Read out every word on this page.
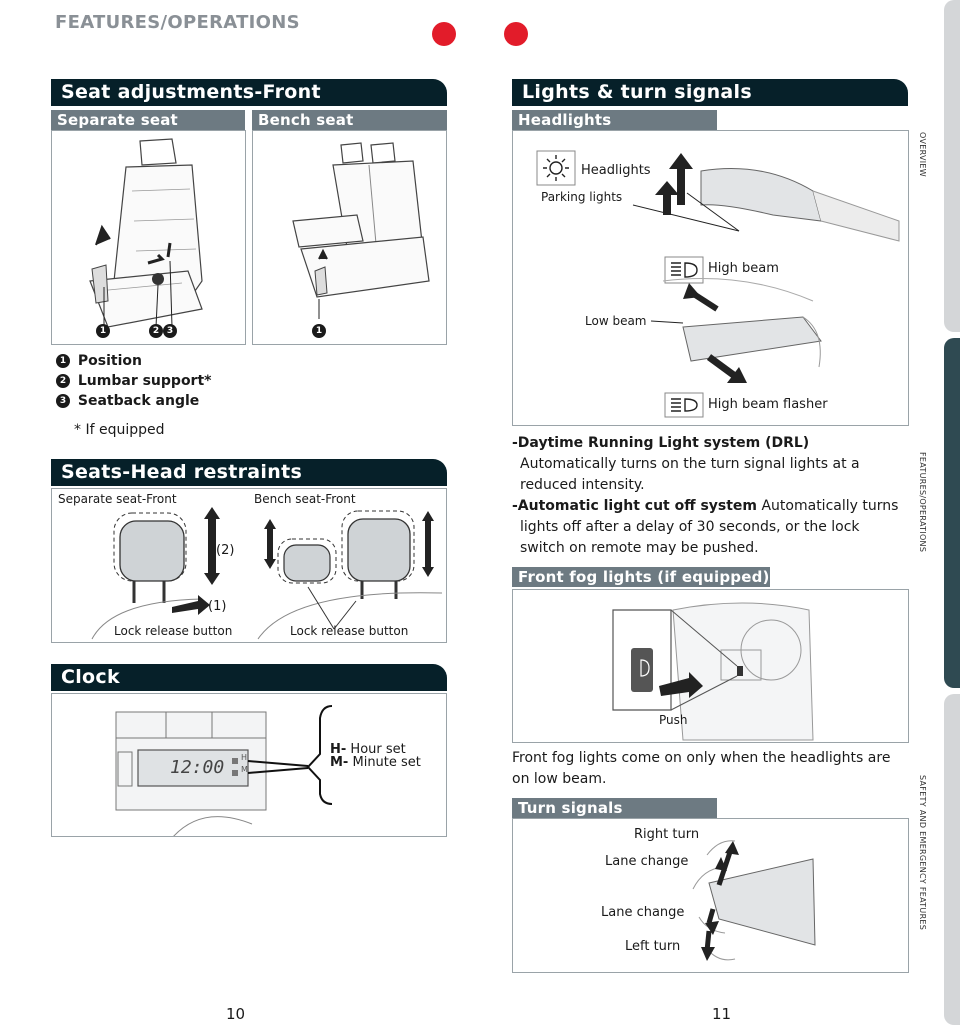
FEATURES/OPERATIONS
OVERVIEW
FEATURES/OPERATIONS
SAFETY AND EMERGENCY FEATURES
Seat adjustments-Front
Separate seat	Bench seat
1	2 3	1
1 Position
2 Lumbar support*
3 Seatback angle
* If equipped
Seats-Head restraints
Separate seat-Front	Bench seat-Front
(2)
(1)
Lock release button	Lock release button
Clock
12:00 H
M
H- Hour set
M- Minute set
Lights & turn signals
Headlights
Headlights
Parking lights
High beam
Low beam
High beam flasher
-Daytime Running Light system (DRL)
Automatically turns on the turn signal lights at a reduced intensity.
-Automatic light cut off system Automatically turns
lights off after a delay of 30 seconds, or the lock switch on remote may be pushed.
Front fog lights (if equipped)
Push
Front fog lights come on only when the headlights are on low beam.
Turn signals
Right turn
Lane change
Lane change
Left turn
10	11
